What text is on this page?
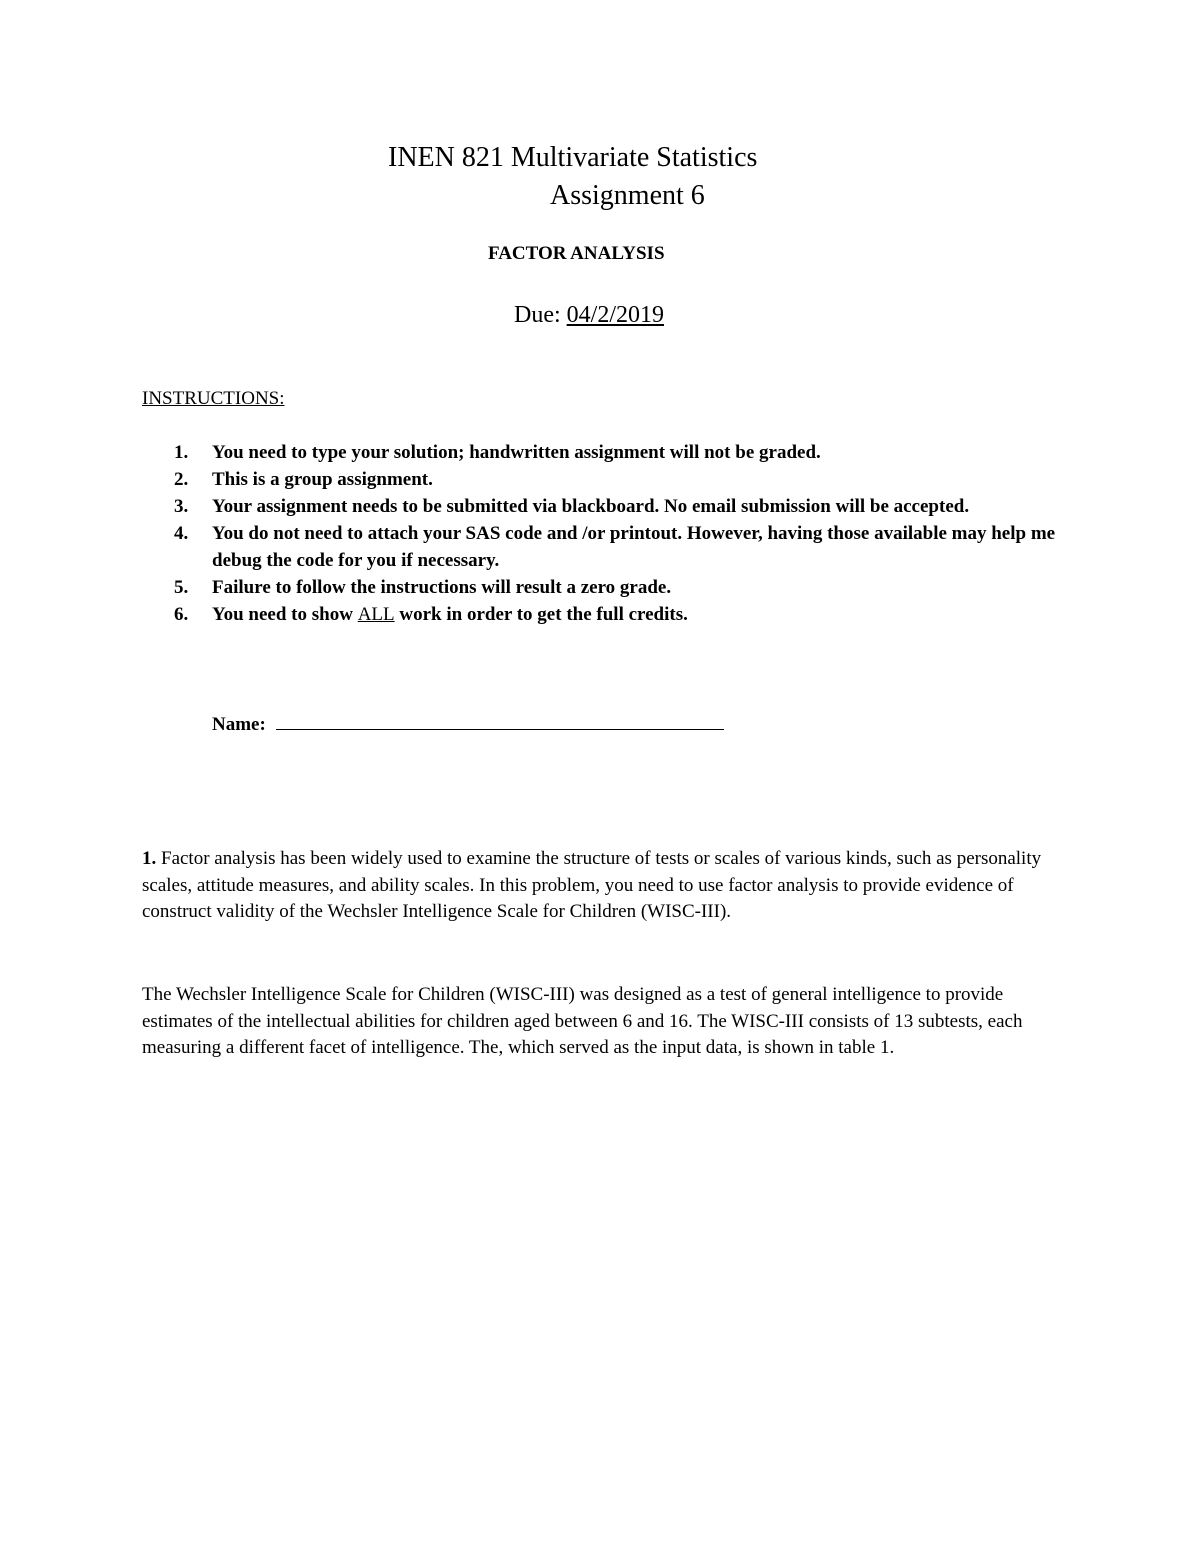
INEN 821 Multivariate Statistics
Assignment 6
FACTOR ANALYSIS
Due: 04/2/2019
INSTRUCTIONS:
1. You need to type your solution; handwritten assignment will not be graded.
2. This is a group assignment.
3. Your assignment needs to be submitted via blackboard. No email submission will be accepted.
4. You do not need to attach your SAS code and /or printout. However, having those available may help me debug the code for you if necessary.
5. Failure to follow the instructions will result a zero grade.
6. You need to show ALL work in order to get the full credits.
Name:

1. Factor analysis has been widely used to examine the structure of tests or scales of various kinds, such as personality scales, attitude measures, and ability scales. In this problem, you need to use factor analysis to provide evidence of construct validity of the Wechsler Intelligence Scale for Children (WISC-III).

The Wechsler Intelligence Scale for Children (WISC-III) was designed as a test of general intelligence to provide estimates of the intellectual abilities for children aged between 6 and 16. The WISC-III consists of 13 subtests, each measuring a different facet of intelligence. The, which served as the input data, is shown in table 1.
